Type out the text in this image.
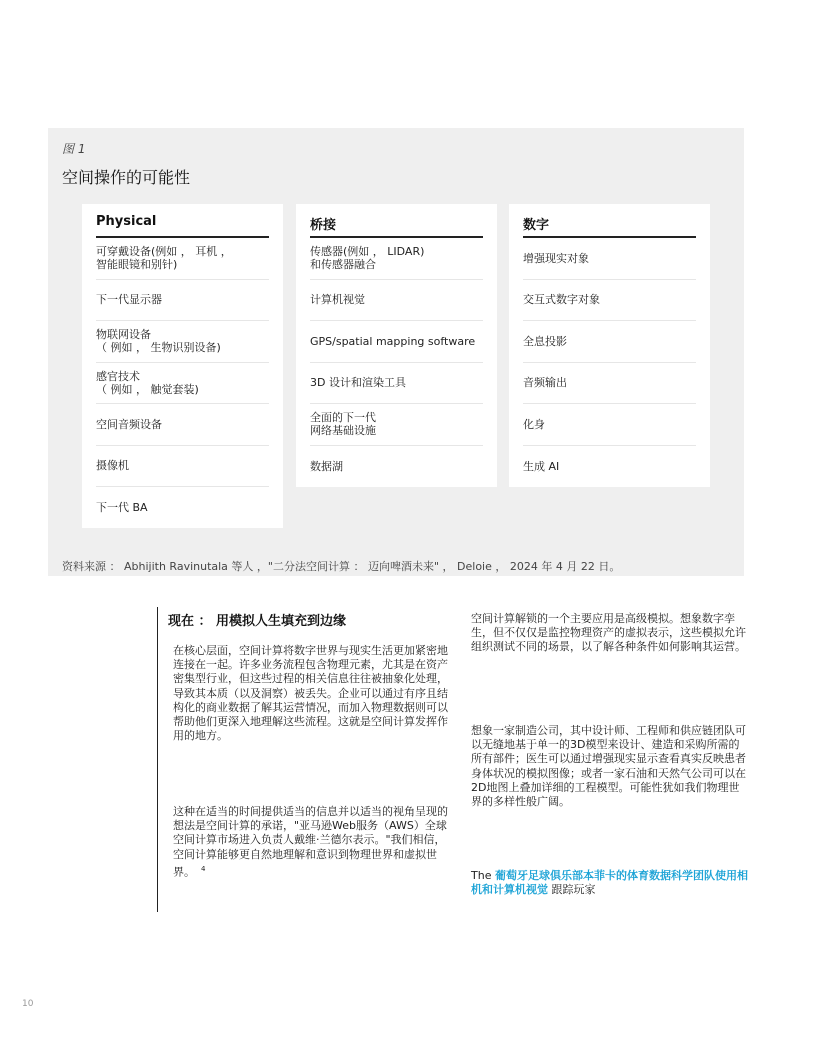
图 1
空间操作的可能性
Physical
可穿戴设备(例如 ， 耳机 ，
智能眼镜和别针)
下一代显示器
物联网设备
（ 例如 ， 生物识别设备)
感官技术
（ 例如 ， 触觉套装)
空间音频设备
摄像机
下一代 BA
桥接
传感器(例如 ， LIDAR)
和传感器融合
计算机视觉
GPS/spatial mapping software
3D 设计和渲染工具
全面的下一代
网络基础设施
数据湖
数字
增强现实对象
交互式数字对象
全息投影
音频输出
化身
生成 AI
资料来源 ： Abhijith Ravinutala 等人 ，"二分法空间计算 ： 迈向啤酒未来" ， Deloie ， 2024 年 4 月 22 日。
现在 ： 用模拟人生填充到边缘
在核心层面，空间计算将数字世界与现实生活更加紧密地连接在一起。许多业务流程包含物理元素，尤其是在资产密集型行业，但这些过程的相关信息往往被抽象化处理，导致其本质（以及洞察）被丢失。企业可以通过有序且结构化的商业数据了解其运营情况，而加入物理数据则可以帮助他们更深入地理解这些流程。这就是空间计算发挥作用的地方。
这种在适当的时间提供适当的信息并以适当的视角呈现的想法是空间计算的承诺，"亚马逊Web服务（AWS）全球空间计算市场进入负责人戴维·兰德尔表示。"我们相信，空间计算能够更自然地理解和意识到物理世界和虚拟世界。 $^4$
空间计算解锁的一个主要应用是高级模拟。想象数字孪生，但不仅仅是监控物理资产的虚拟表示，这些模拟允许组织测试不同的场景，以了解各种条件如何影响其运营。
想象一家制造公司，其中设计师、工程师和供应链团队可以无缝地基于单一的3D模型来设计、建造和采购所需的所有部件；医生可以通过增强现实显示查看真实反映患者身体状况的模拟图像；或者一家石油和天然气公司可以在2D地图上叠加详细的工程模型。可能性犹如我们物理世界的多样性般广阔。
The 葡萄牙足球俱乐部本菲卡的体育数据科学团队使用相机和计算机视觉 跟踪玩家
10
